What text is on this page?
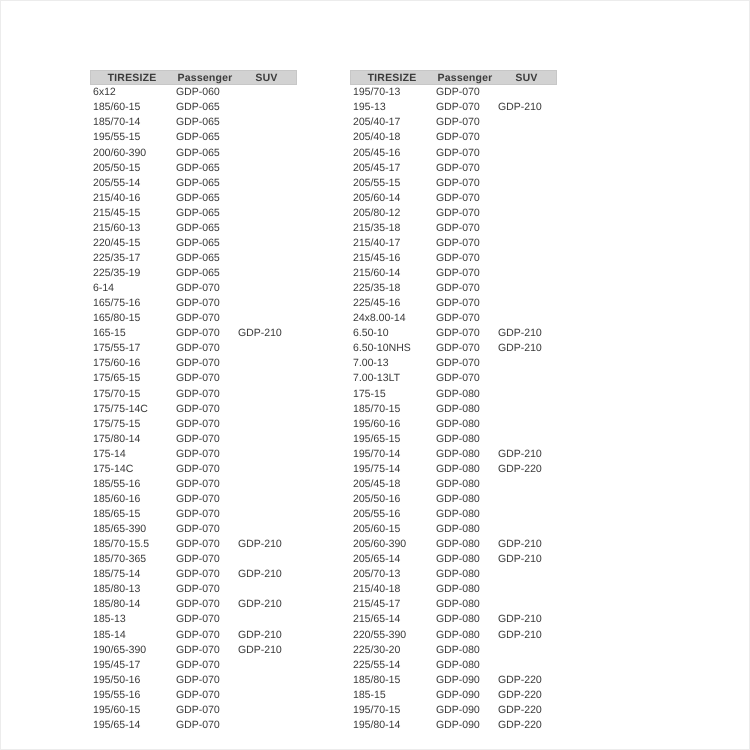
TIRESIZE	Passenger	SUV
6x12	GDP-060
185/60-15	GDP-065
185/70-14	GDP-065
195/55-15	GDP-065
200/60-390	GDP-065
205/50-15	GDP-065
205/55-14	GDP-065
215/40-16	GDP-065
215/45-15	GDP-065
215/60-13	GDP-065
220/45-15	GDP-065
225/35-17	GDP-065
225/35-19	GDP-065
6-14	GDP-070
165/75-16	GDP-070
165/80-15	GDP-070
165-15	GDP-070	GDP-210
175/55-17	GDP-070
175/60-16	GDP-070
175/65-15	GDP-070
175/70-15	GDP-070
175/75-14C	GDP-070
175/75-15	GDP-070
175/80-14	GDP-070
175-14	GDP-070
175-14C	GDP-070
185/55-16	GDP-070
185/60-16	GDP-070
185/65-15	GDP-070
185/65-390	GDP-070
185/70-15.5	GDP-070	GDP-210
185/70-365	GDP-070
185/75-14	GDP-070	GDP-210
185/80-13	GDP-070
185/80-14	GDP-070	GDP-210
185-13	GDP-070
185-14	GDP-070	GDP-210
190/65-390	GDP-070	GDP-210
195/45-17	GDP-070
195/50-16	GDP-070
195/55-16	GDP-070
195/60-15	GDP-070
195/65-14	GDP-070
TIRESIZE	Passenger	SUV
195/70-13	GDP-070
195-13	GDP-070	GDP-210
205/40-17	GDP-070
205/40-18	GDP-070
205/45-16	GDP-070
205/45-17	GDP-070
205/55-15	GDP-070
205/60-14	GDP-070
205/80-12	GDP-070
215/35-18	GDP-070
215/40-17	GDP-070
215/45-16	GDP-070
215/60-14	GDP-070
225/35-18	GDP-070
225/45-16	GDP-070
24x8.00-14	GDP-070
6.50-10	GDP-070	GDP-210
6.50-10NHS	GDP-070	GDP-210
7.00-13	GDP-070
7.00-13LT	GDP-070
175-15	GDP-080
185/70-15	GDP-080
195/60-16	GDP-080
195/65-15	GDP-080
195/70-14	GDP-080	GDP-210
195/75-14	GDP-080	GDP-220
205/45-18	GDP-080
205/50-16	GDP-080
205/55-16	GDP-080
205/60-15	GDP-080
205/60-390	GDP-080	GDP-210
205/65-14	GDP-080	GDP-210
205/70-13	GDP-080
215/40-18	GDP-080
215/45-17	GDP-080
215/65-14	GDP-080	GDP-210
220/55-390	GDP-080	GDP-210
225/30-20	GDP-080
225/55-14	GDP-080
185/80-15	GDP-090	GDP-220
185-15	GDP-090	GDP-220
195/70-15	GDP-090	GDP-220
195/80-14	GDP-090	GDP-220
